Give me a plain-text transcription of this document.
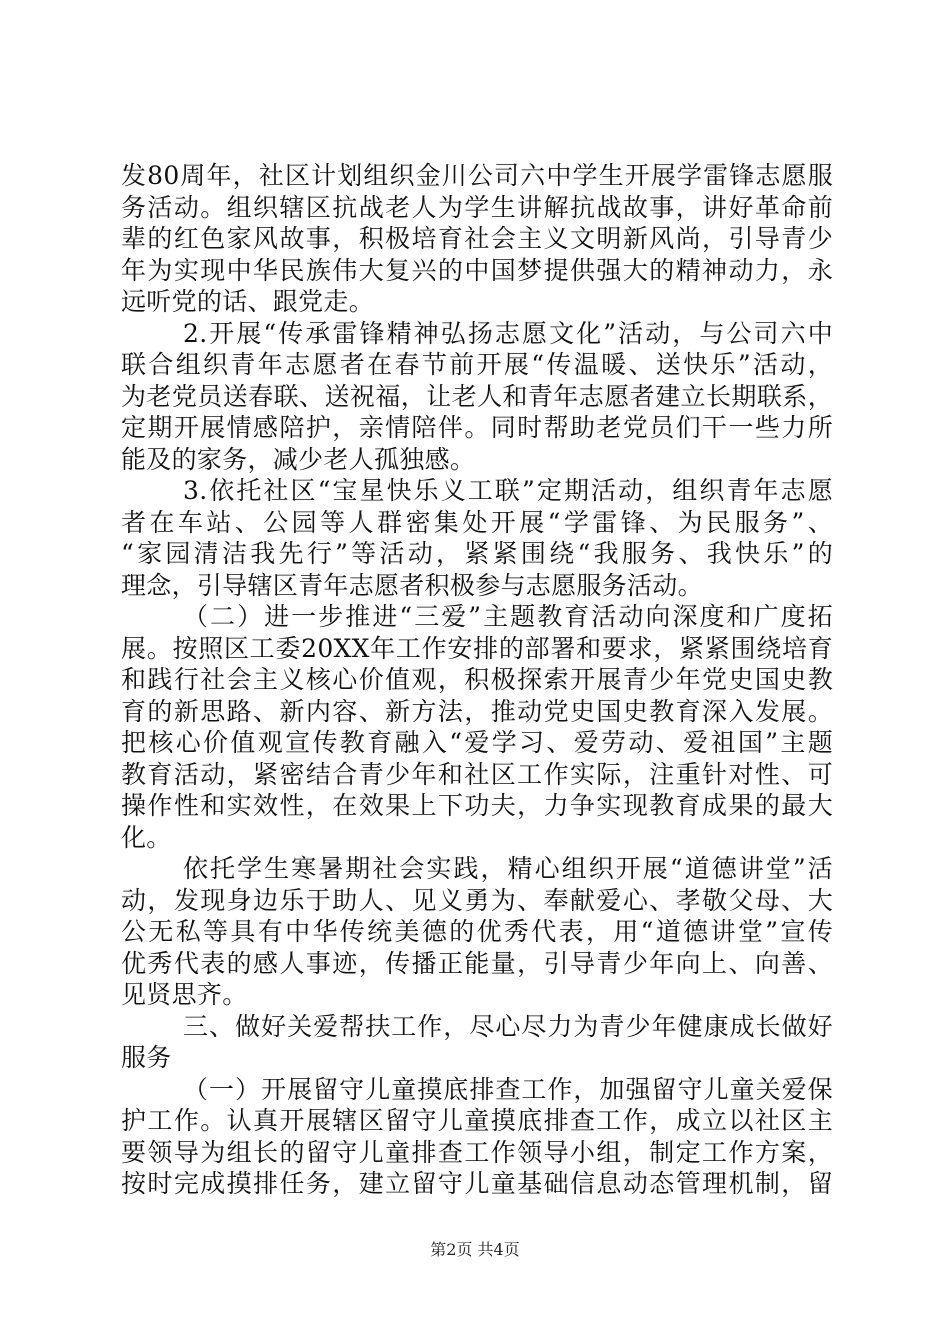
发80周年，社区计划组织金川公司六中学生开展学雷锋志愿服
务活动。组织辖区抗战老人为学生讲解抗战故事，讲好革命前
辈的红色家风故事，积极培育社会主义文明新风尚，引导青少
年为实现中华民族伟大复兴的中国梦提供强大的精神动力，永
远听党的话、跟党走。
2.开展“传承雷锋精神弘扬志愿文化”活动，与公司六中
联合组织青年志愿者在春节前开展“传温暖、送快乐”活动，
为老党员送春联、送祝福，让老人和青年志愿者建立长期联系，
定期开展情感陪护，亲情陪伴。同时帮助老党员们干一些力所
能及的家务，减少老人孤独感。
3.依托社区“宝星快乐义工联”定期活动，组织青年志愿
者在车站、公园等人群密集处开展“学雷锋、为民服务”、
“家园清洁我先行”等活动，紧紧围绕“我服务、我快乐”的
理念，引导辖区青年志愿者积极参与志愿服务活动。
（二）进一步推进“三爱”主题教育活动向深度和广度拓
展。按照区工委20XX年工作安排的部署和要求，紧紧围绕培育
和践行社会主义核心价值观，积极探索开展青少年党史国史教
育的新思路、新内容、新方法，推动党史国史教育深入发展。
把核心价值观宣传教育融入“爱学习、爱劳动、爱祖国”主题
教育活动，紧密结合青少年和社区工作实际，注重针对性、可
操作性和实效性，在效果上下功夫，力争实现教育成果的最大
化。
依托学生寒暑期社会实践，精心组织开展“道德讲堂”活
动，发现身边乐于助人、见义勇为、奉献爱心、孝敬父母、大
公无私等具有中华传统美德的优秀代表，用“道德讲堂”宣传
优秀代表的感人事迹，传播正能量，引导青少年向上、向善、
见贤思齐。
三、做好关爱帮扶工作，尽心尽力为青少年健康成长做好
服务
（一）开展留守儿童摸底排查工作，加强留守儿童关爱保
护工作。认真开展辖区留守儿童摸底排查工作，成立以社区主
要领导为组长的留守儿童排查工作领导小组，制定工作方案，
按时完成摸排任务，建立留守儿童基础信息动态管理机制，留
第2页 共4页
